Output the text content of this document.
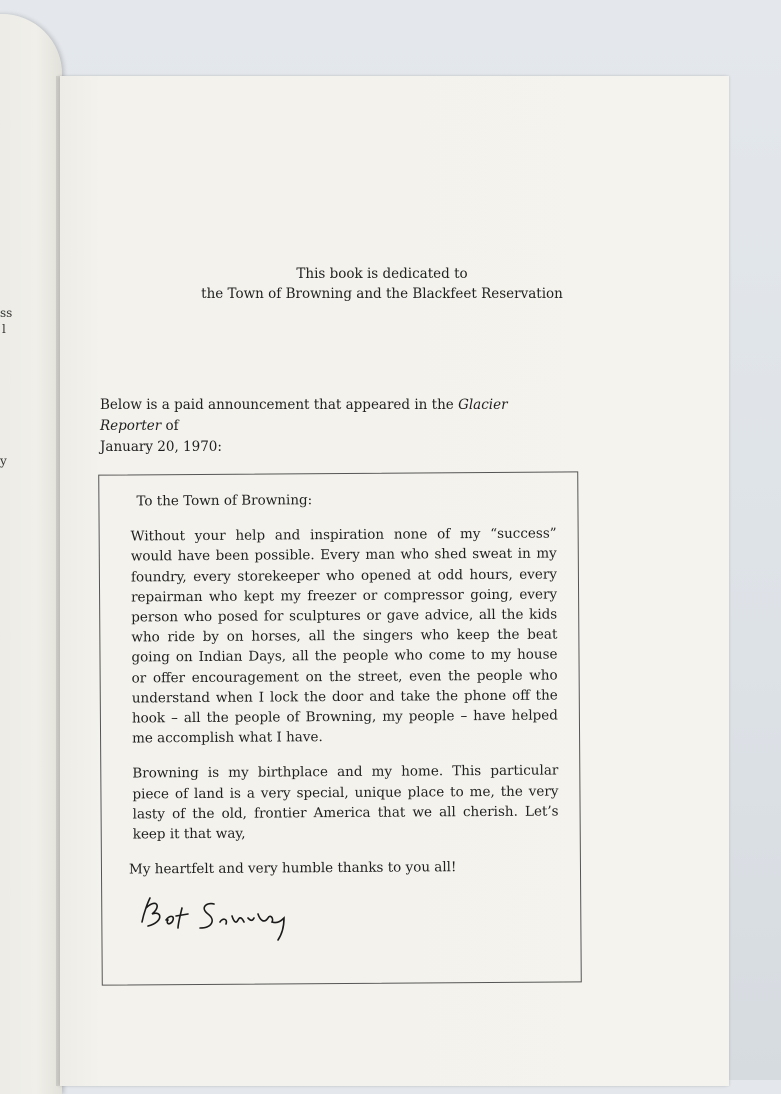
ss
l
y
This book is dedicated to
the Town of Browning and the Blackfeet Reservation
Below is a paid announcement that appeared in the Glacier Reporter of
January 20, 1970:

To the Town of Browning:

Without your help and inspiration none of my “success” would have been possible. Every man who shed sweat in my foundry, every storekeeper who opened at odd hours, every repairman who kept my freezer or compressor going, every person who posed for sculptures or gave advice, all the kids who ride by on horses, all the singers who keep the beat going on Indian Days, all the people who come to my house or offer encouragement on the street, even the people who understand when I lock the door and take the phone off the hook – all the people of Browning, my people – have helped me accomplish what I have.

Browning is my birthplace and my home. This particular piece of land is a very special, unique place to me, the very lasty of the old, frontier America that we all cherish. Let’s keep it that way,

My heartfelt and very humble thanks to you all!
